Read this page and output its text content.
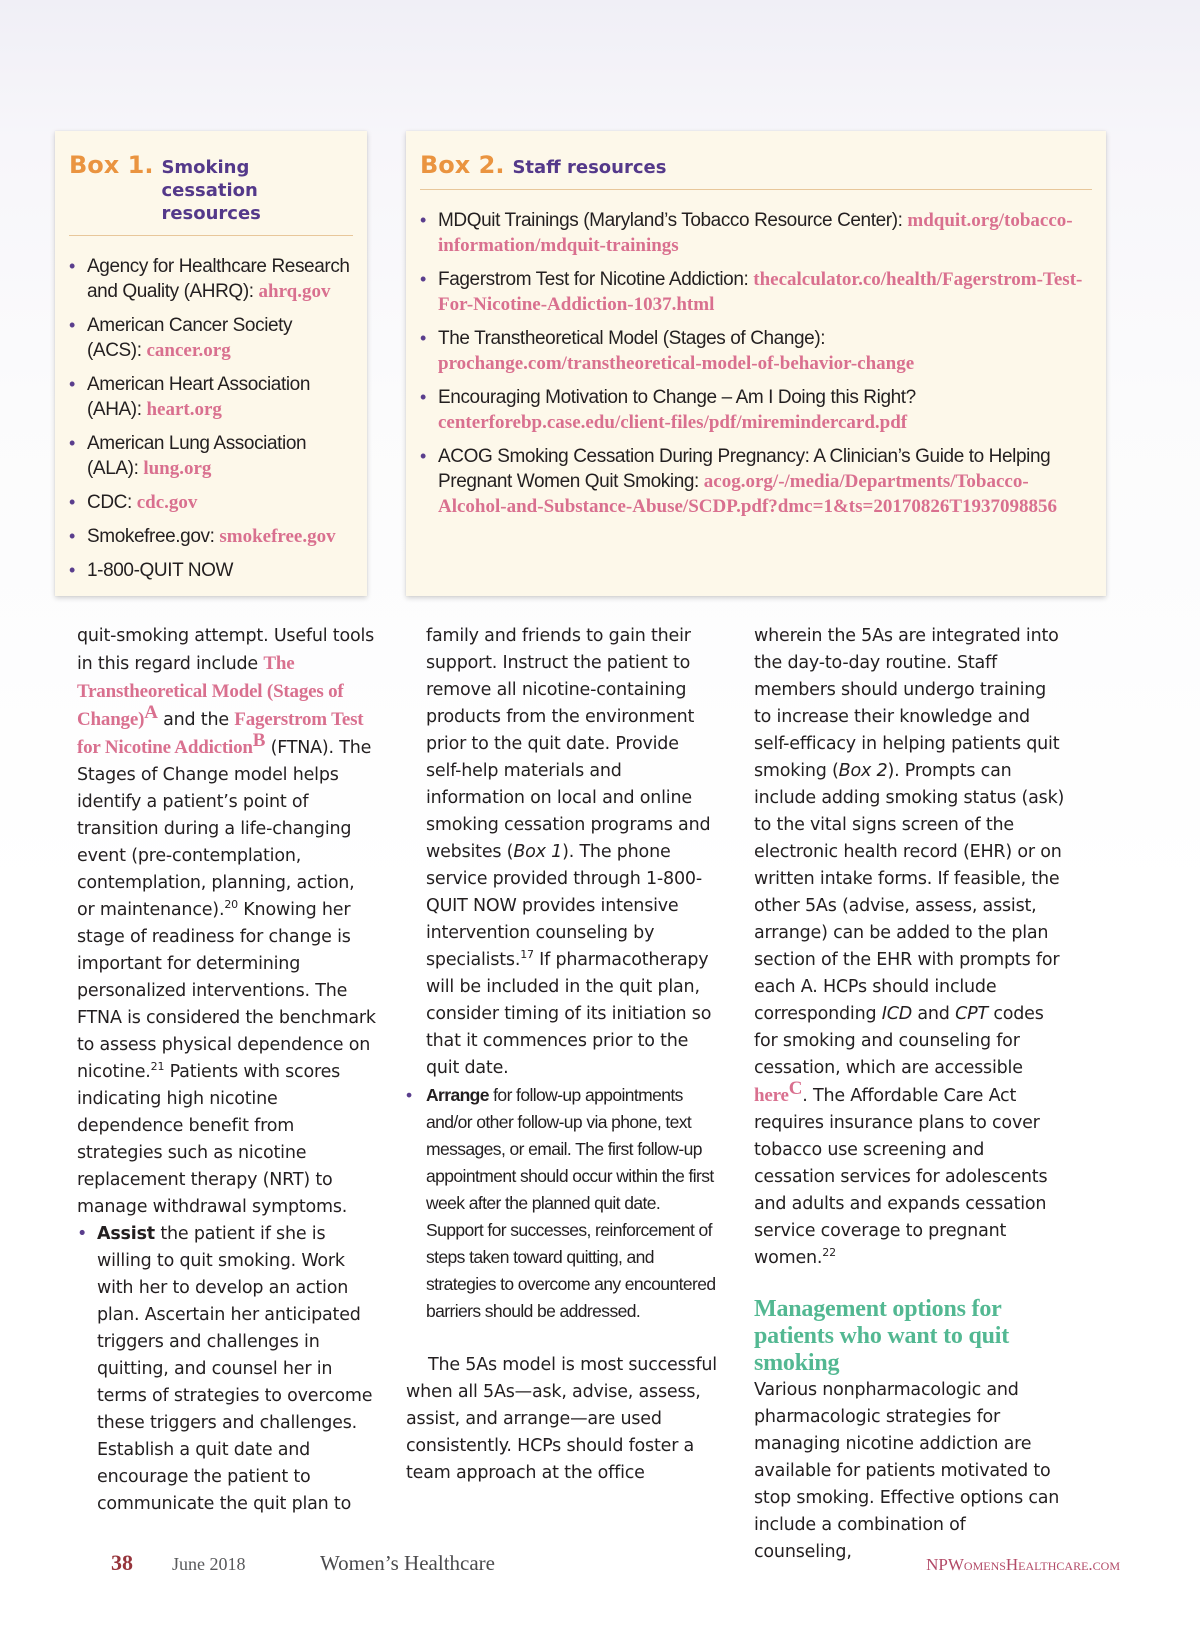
Box 1. Smoking cessation resources
• Agency for Healthcare Research and Quality (AHRQ): ahrq.gov
• American Cancer Society (ACS): cancer.org
• American Heart Association (AHA): heart.org
• American Lung Association (ALA): lung.org
• CDC: cdc.gov
• Smokefree.gov: smokefree.gov
• 1-800-QUIT NOW
Box 2. Staff resources
• MDQuit Trainings (Maryland’s Tobacco Resource Center): mdquit.org/tobacco-information/mdquit-trainings
• Fagerstrom Test for Nicotine Addiction: thecalculator.co/health/Fagerstrom-Test-For-Nicotine-Addiction-1037.html
• The Transtheoretical Model (Stages of Change): prochange.com/transtheoretical-model-of-behavior-change
• Encouraging Motivation to Change – Am I Doing this Right? centerforebp.case.edu/client-files/pdf/miremindercard.pdf
• ACOG Smoking Cessation During Pregnancy: A Clinician’s Guide to Helping Pregnant Women Quit Smoking: acog.org/-/media/Departments/Tobacco-Alcohol-and-Substance-Abuse/SCDP.pdf?dmc=1&ts=20170826T1937098856

quit-smoking attempt. Useful tools in this regard include The Transtheoretical Model (Stages of Change)$^A$ and the Fagerstrom Test for Nicotine Addiction$^B$ (FTNA). The Stages of Change model helps identify a patient’s point of transition during a life-changing event (pre-contemplation, contemplation, planning, action, or maintenance).$^{20}$ Knowing her stage of readiness for change is important for determining personalized interventions. The FTNA is considered the benchmark to assess physical dependence on nicotine.$^{21}$ Patients with scores indicating high nicotine dependence benefit from strategies such as nicotine replacement therapy (NRT) to manage withdrawal symptoms.

• Assist the patient if she is willing to quit smoking. Work with her to develop an action plan. Ascertain her anticipated triggers and challenges in quitting, and counsel her in terms of strategies to overcome these triggers and challenges. Establish a quit date and encourage the patient to communicate the quit plan to

family and friends to gain their support. Instruct the patient to remove all nicotine-containing products from the environment prior to the quit date. Provide self-help materials and information on local and online smoking cessation programs and websites (Box 1). The phone service provided through 1-800-QUIT NOW provides intensive intervention counseling by specialists.$^{17}$ If pharmacotherapy will be included in the quit plan, consider timing of its initiation so that it commences prior to the quit date.

• Arrange for follow-up appointments and/or other follow-up via phone, text messages, or email. The first follow-up appointment should occur within the first week after the planned quit date. Support for successes, reinforcement of steps taken toward quitting, and strategies to overcome any encountered barriers should be addressed.

The 5As model is most successful when all 5As—ask, advise, assess, assist, and arrange—are used consistently. HCPs should foster a team approach at the office

wherein the 5As are integrated into the day-to-day routine. Staff members should undergo training to increase their knowledge and self-efficacy in helping patients quit smoking (Box 2). Prompts can include adding smoking status (ask) to the vital signs screen of the electronic health record (EHR) or on written intake forms. If feasible, the other 5As (advise, assess, assist, arrange) can be added to the plan section of the EHR with prompts for each A. HCPs should include corresponding ICD and CPT codes for smoking and counseling for cessation, which are accessible here$^C$. The Affordable Care Act requires insurance plans to cover tobacco use screening and cessation services for adolescents and adults and expands cessation service coverage to pregnant women.$^{22}$

Management options for patients who want to quit smoking

Various nonpharmacologic and pharmacologic strategies for managing nicotine addiction are available for patients motivated to stop smoking. Effective options can include a combination of counseling,

38 June 2018	Women’s Healthcare	NPWomensHealthcare.com
